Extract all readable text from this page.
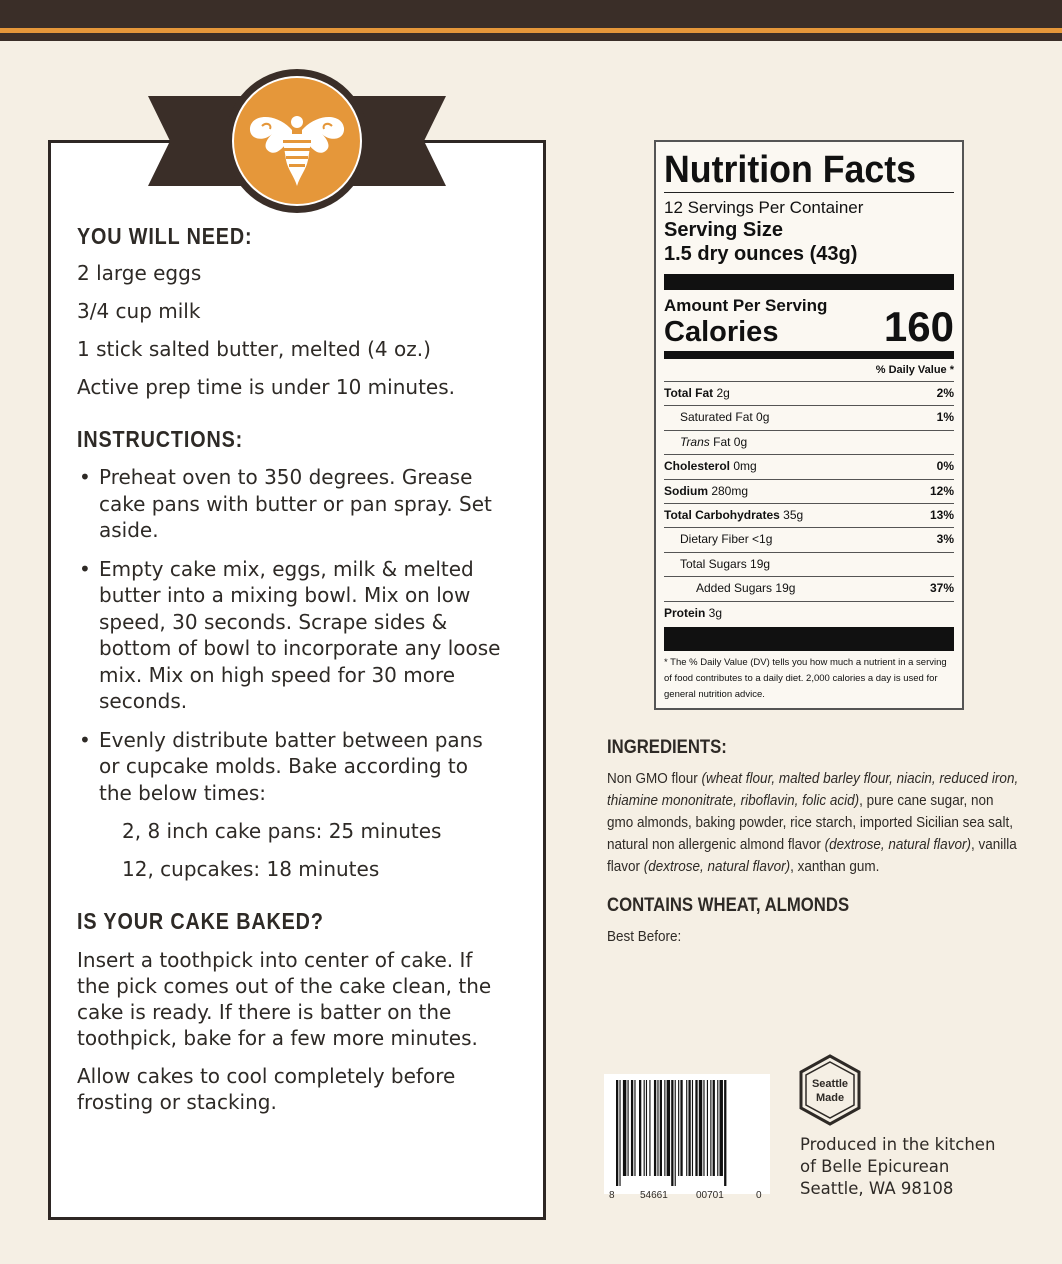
YOU WILL NEED:
2 large eggs
3/4 cup milk
1 stick salted butter, melted (4 oz.)
Active prep time is under 10 minutes.
INSTRUCTIONS:
• Preheat oven to 350 degrees. Grease cake pans with butter or pan spray. Set aside.
• Empty cake mix, eggs, milk & melted butter into a mixing bowl. Mix on low speed, 30 seconds. Scrape sides & bottom of bowl to incorporate any loose mix. Mix on high speed for 30 more seconds.
• Evenly distribute batter between pans or cupcake molds. Bake according to the below times:
2, 8 inch cake pans: 25 minutes
12, cupcakes: 18 minutes
IS YOUR CAKE BAKED?
Insert a toothpick into center of cake. If the pick comes out of the cake clean, the cake is ready. If there is batter on the toothpick, bake for a few more minutes.
Allow cakes to cool completely before frosting or stacking.
Nutrition Facts
12 Servings Per Container
Serving Size
1.5 dry ounces (43g)
Amount Per Serving
Calories	160
% Daily Value *
Total Fat 2g	2%
Saturated Fat 0g	1%
Trans Fat 0g
Cholesterol 0mg	0%
Sodium 280mg	12%
Total Carbohydrates 35g	13%
Dietary Fiber <1g	3%
Total Sugars 19g
Added Sugars 19g	37%
Protein 3g
* The % Daily Value (DV) tells you how much a nutrient in a serving of food contributes to a daily diet. 2,000 calories a day is used for general nutrition advice.
INGREDIENTS:
Non GMO flour (wheat flour, malted barley flour, niacin, reduced iron, thiamine mononitrate, riboflavin, folic acid), pure cane sugar, non gmo almonds, baking powder, rice starch, imported Sicilian sea salt, natural non allergenic almond flavor (dextrose, natural flavor), vanilla flavor (dextrose, natural flavor), xanthan gum.
CONTAINS WHEAT, ALMONDS
Best Before:
8	54661	00701	0
Seattle
Made
Produced in the kitchen
of Belle Epicurean
Seattle, WA 98108
